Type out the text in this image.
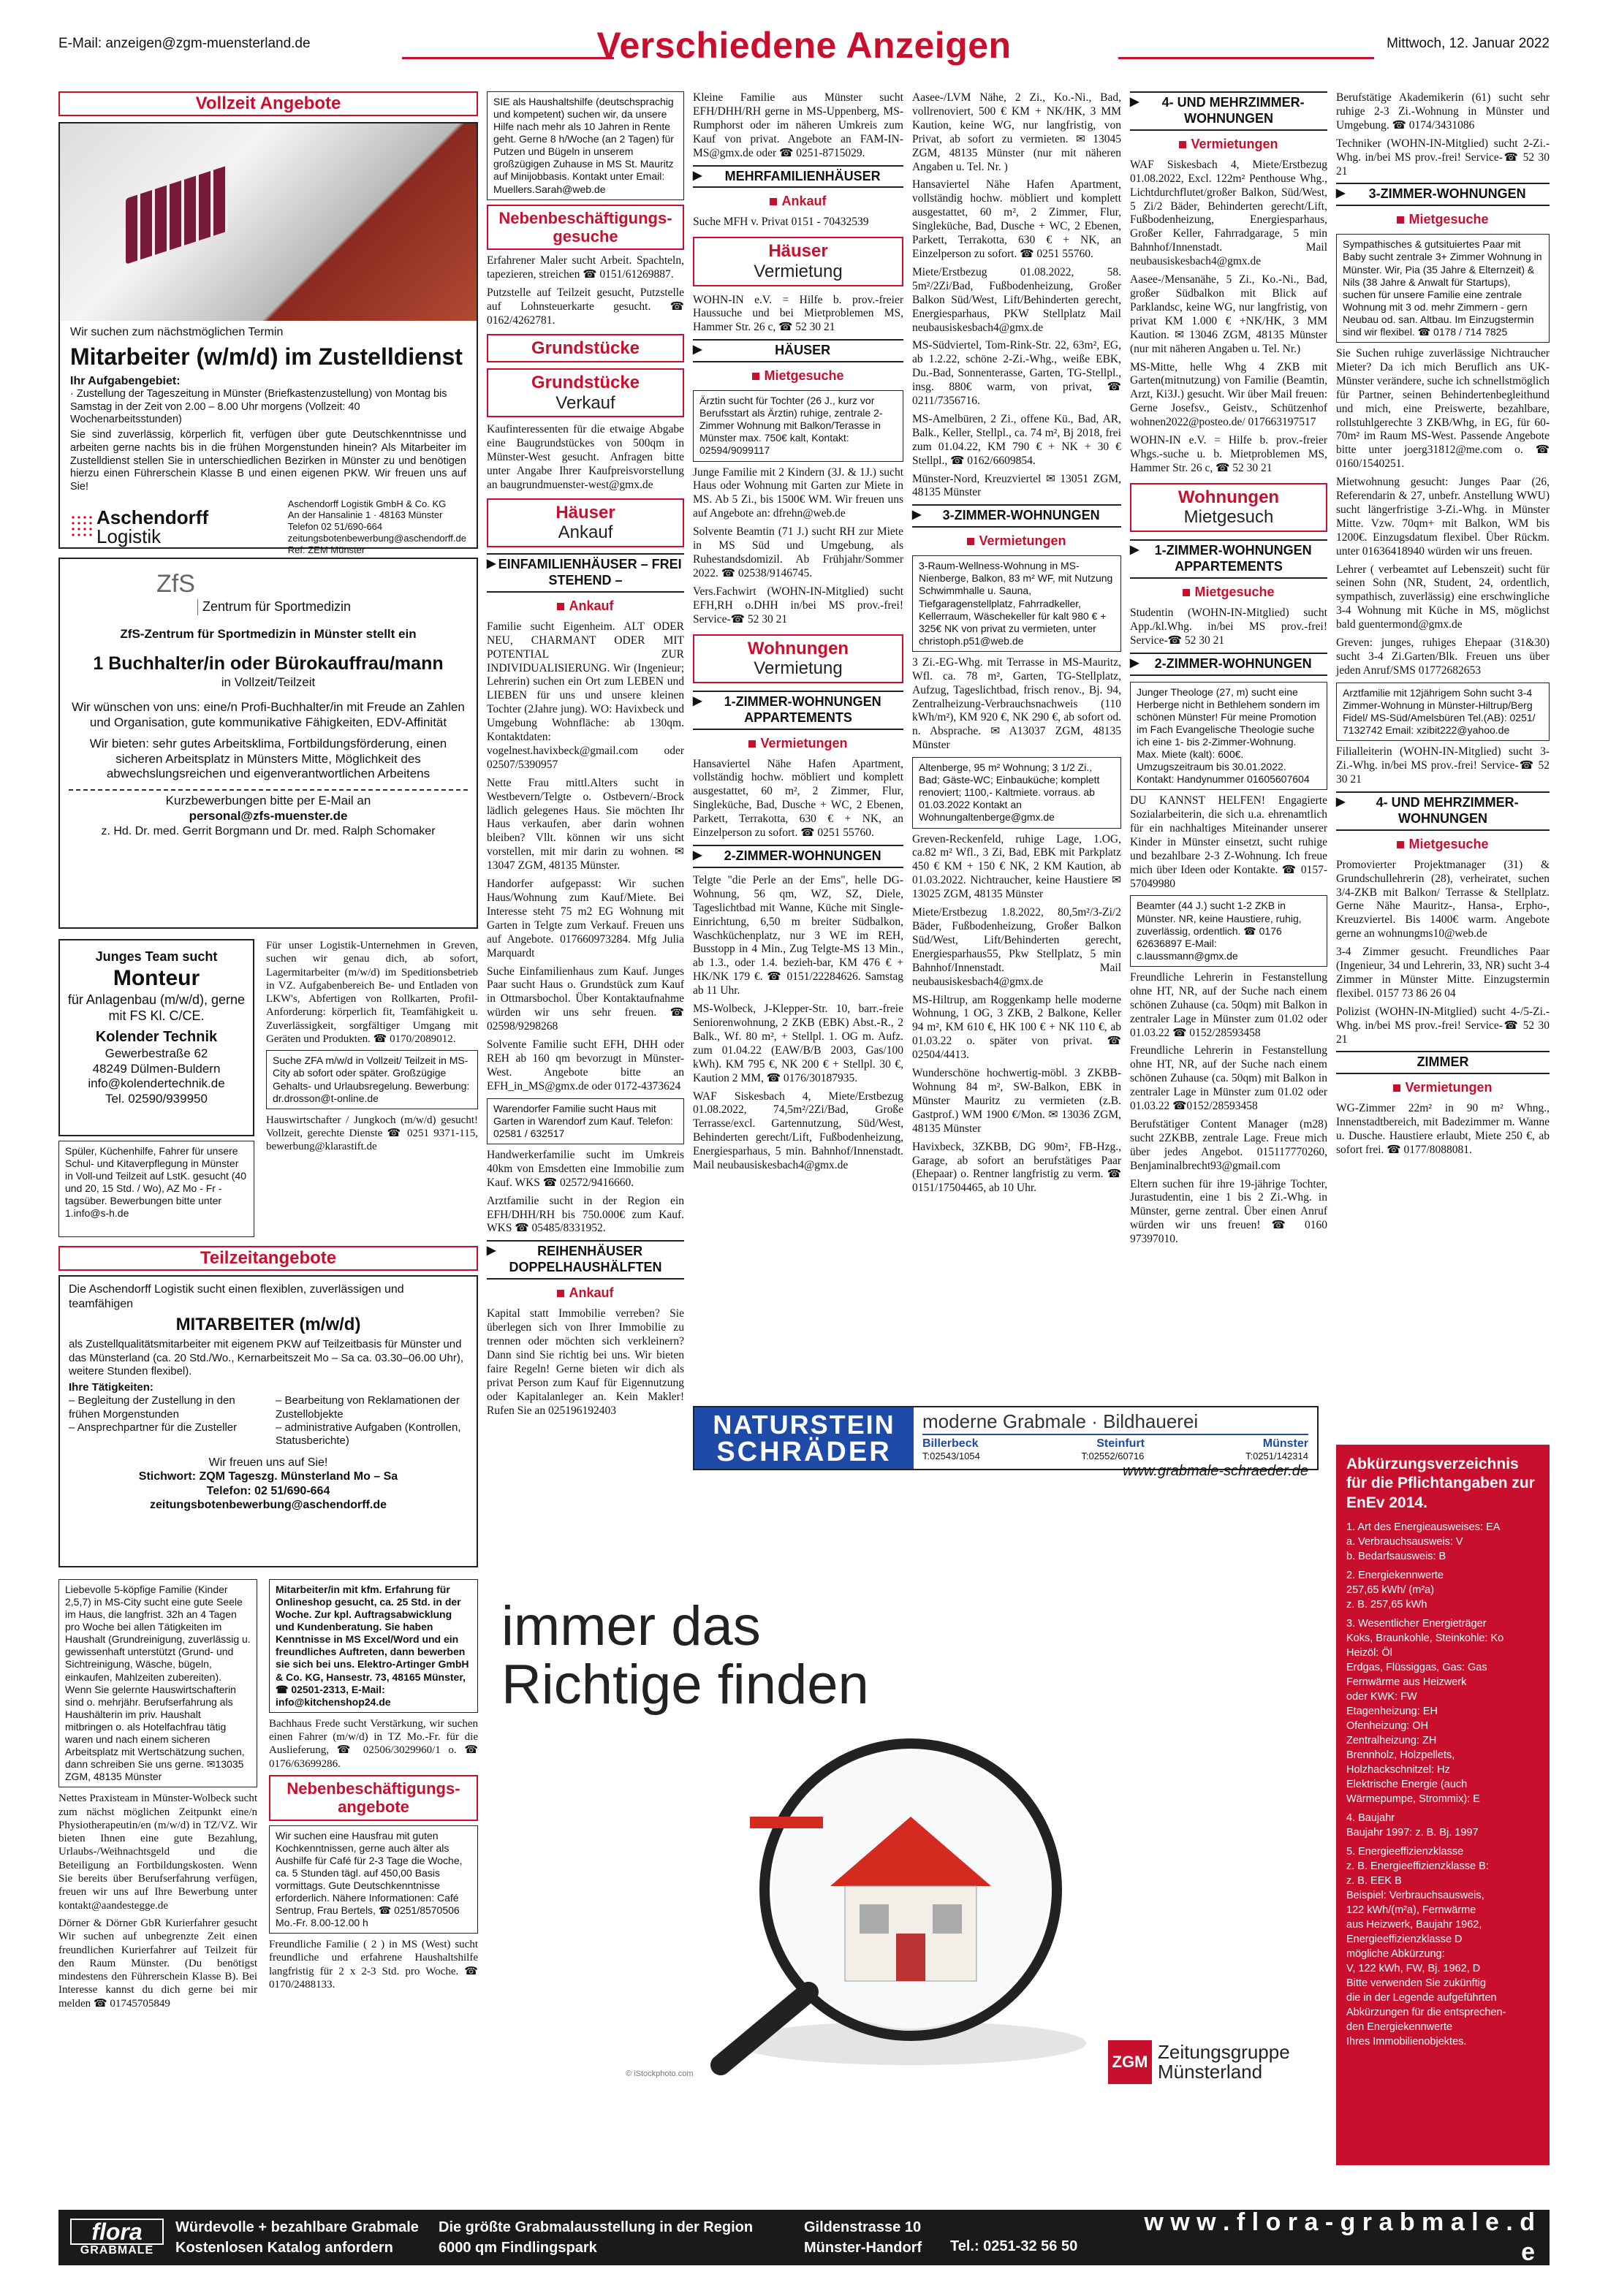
E-Mail: anzeigen@zgm-muensterland.de	Verschiedene Anzeigen	Mittwoch, 12. Januar 2022
Vollzeit Angebote
Wir suchen zum nächstmöglichen Termin
Mitarbeiter (w/m/d) im Zustelldienst
Ihr Aufgabengebiet:
· Zustellung der Tageszeitung in Münster (Briefkastenzustellung) von Montag bis Samstag in der Zeit von 2.00 – 8.00 Uhr morgens (Vollzeit: 40 Wochenarbeitsstunden)
Sie sind zuverlässig, körperlich fit, verfügen über gute Deutschkenntnisse und arbeiten gerne nachts bis in die frühen Morgenstunden hinein? Als Mitarbeiter im Zustelldienst stellen Sie in unterschiedlichen Bezirken in Münster zu und benötigen hierzu einen Führerschein Klasse B und einen eigenen PKW. Wir freuen uns auf Sie!
Aschendorff
Logistik
Aschendorff Logistik GmbH & Co. KG
An der Hansalinie 1 · 48163 Münster
Telefon 02 51/690-664
zeitungsbotenbewerbung@aschendorff.de
Ref: ZEM Münster
ZfS
Zentrum für Sportmedizin
ZfS-Zentrum für Sportmedizin in Münster stellt ein
1 Buchhalter/in oder Bürokauffrau/mann
in Vollzeit/Teilzeit
Wir wünschen von uns: eine/n Profi-Buchhalter/in mit Freude an Zahlen und Organisation, gute kommunikative Fähigkeiten, EDV-Affinität
Wir bieten: sehr gutes Arbeitsklima, Fortbildungsförderung, einen sicheren Arbeitsplatz in Münsters Mitte, Möglichkeit des abwechslungsreichen und eigenverantwortlichen Arbeitens
Kurzbewerbungen bitte per E-Mail an
personal@zfs-muenster.de
z. Hd. Dr. med. Gerrit Borgmann und Dr. med. Ralph Schomaker
Junges Team sucht
Monteur
für Anlagenbau (m/w/d), gerne mit FS Kl. C/CE.
Kolender Technik
Gewerbestraße 62
48249 Dülmen-Buldern
info@kolendertechnik.de
Tel. 02590/939950
Spüler, Küchenhilfe, Fahrer für unsere Schul- und Kitaverpflegung in Münster in Voll-und Teilzeit auf LstK. gesucht (40 und 20, 15 Std. / Wo), AZ Mo - Fr - tagsüber. Bewerbungen bitte unter 1.info@s-h.de
Für unser Logistik-Unternehmen in Greven, suchen wir genau dich, ab sofort, Lagermitarbeiter (m/w/d) im Speditionsbetrieb in VZ. Aufgabenbereich Be- und Entladen von LKW's, Abfertigen von Rollkarten, Profil-Anforderung: körperlich fit, Teamfähigkeit u. Zuverlässigkeit, sorgfältiger Umgang mit Geräten und Produkten. ☎ 0170/2089012.
Suche ZFA m/w/d in Vollzeit/ Teilzeit in MS-City ab sofort oder später. Großzügige Gehalts- und Urlaubsregelung. Bewerbung: dr.drosson@t-online.de
Hauswirtschafter / Jungkoch (m/w/d) gesucht! Vollzeit, gerechte Dienste ☎ 0251 9371-115, bewerbung@klarastift.de
Teilzeitangebote
Die Aschendorff Logistik sucht einen flexiblen, zuverlässigen und teamfähigen
MITARBEITER (m/w/d)
als Zustellqualitätsmitarbeiter mit eigenem PKW auf Teilzeitbasis für Münster und das Münsterland (ca. 20 Std./Wo., Kernarbeitszeit Mo – Sa ca. 03.30–06.00 Uhr), weitere Stunden flexibel).
Ihre Tätigkeiten:
– Begleitung der Zustellung in den frühen Morgenstunden
– Ansprechpartner für die Zusteller
– Bearbeitung von Reklamationen der Zustellobjekte
– administrative Aufgaben (Kontrollen, Statusberichte)
Wir freuen uns auf Sie!
Stichwort: ZQM Tageszg. Münsterland Mo – Sa
Telefon: 02 51/690-664
zeitungsbotenbewerbung@aschendorff.de
Liebevolle 5-köpfige Familie (Kinder 2,5,7) in MS-City sucht eine gute Seele im Haus, die langfrist. 32h an 4 Tagen pro Woche bei allen Tätigkeiten im Haushalt (Grundreinigung, zuverlässig u. gewissenhaft unterstützt (Grund- und Sichtreinigung, Wäsche, bügeln, einkaufen, Mahlzeiten zubereiten). Wenn Sie gelernte Hauswirtschafterin sind o. mehrjähr. Berufserfahrung als Haushälterin im priv. Haushalt mitbringen o. als Hotelfachfrau tätig waren und nach einem sicheren Arbeitsplatz mit Wertschätzung suchen, dann schreiben Sie uns gerne. ✉13035 ZGM, 48135 Münster
Nettes Praxisteam in Münster-Wolbeck sucht zum nächst möglichen Zeitpunkt eine/n Physiotherapeutin/en (m/w/d) in TZ/VZ. Wir bieten Ihnen eine gute Bezahlung, Urlaubs-/Weihnachtsgeld und die Beteiligung an Fortbildungskosten. Wenn Sie bereits über Berufserfahrung verfügen, freuen wir uns auf Ihre Bewerbung unter kontakt@aandestegge.de
Dörner & Dörner GbR Kurierfahrer gesucht Wir suchen auf unbegrenzte Zeit einen freundlichen Kurierfahrer auf Teilzeit für den Raum Münster. (Du benötigst mindestens den Führerschein Klasse B). Bei Interesse kannst du dich gerne bei mir melden ☎ 01745705849
Mitarbeiter/in mit kfm. Erfahrung für Onlineshop gesucht, ca. 25 Std. in der Woche. Zur kpl. Auftragsabwicklung und Kundenberatung. Sie haben Kenntnisse in MS Excel/Word und ein freundliches Auftreten, dann bewerben sie sich bei uns. Elektro-Artinger GmbH & Co. KG, Hansestr. 73, 48165 Münster, ☎ 02501-2313, E-Mail: info@kitchenshop24.de
Bachhaus Frede sucht Verstärkung, wir suchen einen Fahrer (m/w/d) in TZ Mo.-Fr. für die Auslieferung, ☎ 02506/3029960/1 o. ☎ 0176/63699286.
Nebenbeschäftigungs-
angebote
Wir suchen eine Hausfrau mit guten Kochkenntnissen, gerne auch älter als Aushilfe für Café für 2-3 Tage die Woche, ca. 5 Stunden tägl. auf 450,00 Basis vormittags. Gute Deutschkenntnisse erforderlich. Nähere Informationen: Café Sentrup, Frau Bertels, ☎ 0251/8570506 Mo.-Fr. 8.00-12.00 h
Freundliche Familie ( 2 ) in MS (West) sucht freundliche und erfahrene Haushaltshilfe langfristig für 2 x 2-3 Std. pro Woche. ☎ 0170/2488133.
SIE als Haushaltshilfe (deutschsprachig und kompetent) suchen wir, da unsere Hilfe nach mehr als 10 Jahren in Rente geht. Gerne 8 h/Woche (an 2 Tagen) für Putzen und Bügeln in unserem großzügigen Zuhause in MS St. Mauritz auf Minijobbasis. Kontakt unter Email: Muellers.Sarah@web.de
Nebenbeschäftigungs-
gesuche
Erfahrener Maler sucht Arbeit. Spachteln, tapezieren, streichen ☎ 0151/61269887.
Putzstelle auf Teilzeit gesucht, Putzstelle auf Lohnsteuerkarte gesucht. ☎ 0162/4262781.
Grundstücke
Grundstücke
Verkauf
Kaufinteressenten für die etwaige Abgabe eine Baugrundstückes von 500qm in Münster-West gesucht. Anfragen bitte unter Angabe Ihrer Kaufpreisvorstellung an baugrundmuenster-west@gmx.de
Häuser
Ankauf
▶ EINFAMILIENHÄUSER – FREI STEHEND –
Ankauf
Familie sucht Eigenheim. ALT ODER NEU, CHARMANT ODER MIT POTENTIAL ZUR INDIVIDUALISIERUNG. Wir (Ingenieur; Lehrerin) suchen ein Ort zum LEBEN und LIEBEN für uns und unsere kleinen Tochter (2Jahre jung). WO: Havixbeck und Umgebung Wohnfläche: ab 130qm. Kontaktdaten: vogelnest.havixbeck@gmail.com oder 02507/5390957
Nette Frau mittl.Alters sucht in Westbevern/Telgte o. Ostbevern/-Brock lädlich gelegenes Haus. Sie möchten Ihr Haus verkaufen, aber darin wohnen bleiben? Vllt. können wir uns sicht vorstellen, mit mir darin zu wohnen. ✉ 13047 ZGM, 48135 Münster.
Handorfer aufgepasst: Wir suchen Haus/Wohnung zum Kauf/Miete. Bei Interesse steht 75 m2 EG Wohnung mit Garten in Telgte zum Verkauf. Freuen uns auf Angebote. 017660973284. Mfg Julia Marquardt
Suche Einfamilienhaus zum Kauf. Junges Paar sucht Haus o. Grundstück zum Kauf in Ottmarsbochol. Über Kontaktaufnahme würden wir uns sehr freuen. ☎ 02598/9298268
Solvente Familie sucht EFH, DHH oder REH ab 160 qm bevorzugt in Münster-West. Angebote bitte an EFH_in_MS@gmx.de oder 0172-4373624
Warendorfer Familie sucht Haus mit Garten in Warendorf zum Kauf. Telefon: 02581 / 632517
Handwerkerfamilie sucht im Umkreis 40km von Emsdetten eine Immobilie zum Kauf. WKS ☎ 02572/9416660.
Arztfamilie sucht in der Region ein EFH/DHH/RH bis 750.000€ zum Kauf. WKS ☎ 05485/8331952.
▶	REIHENHÄUSER DOPPELHAUSHÄLFTEN
Ankauf
Kapital statt Immobilie verreben? Sie überlegen sich von Ihrer Immobilie zu trennen oder möchten sich verkleinern? Dann sind Sie richtig bei uns. Wir bieten faire Regeln! Gerne bieten wir dich als privat Person zum Kauf für Eigennutzung oder Kapitalanleger an. Kein Makler! Rufen Sie an 025196192403
Kleine Familie aus Münster sucht EFH/DHH/RH gerne in MS-Uppenberg, MS-Rumphorst oder im näheren Umkreis zum Kauf von privat. Angebote an FAM-IN-MS@gmx.de oder ☎ 0251-8715029.
▶ MEHRFAMILIENHÄUSER
Ankauf
Suche MFH v. Privat 0151 - 70432539
Häuser
Vermietung
WOHN-IN e.V. = Hilfe b. prov.-freier Haussuche und bei Mietproblemen MS, Hammer Str. 26 c, ☎ 52 30 21
▶	HÄUSER
Mietgesuche
Ärztin sucht für Tochter (26 J., kurz vor Berufsstart als Ärztin) ruhige, zentrale 2-Zimmer Wohnung mit Balkon/Terasse in Münster max. 750€ kalt, Kontakt: 02594/9099117
Junge Familie mit 2 Kindern (3J. & 1J.) sucht Haus oder Wohnung mit Garten zur Miete in MS. Ab 5 Zi., bis 1500€ WM. Wir freuen uns auf Angebote an: dfrehn@web.de
Solvente Beamtin (71 J.) sucht RH zur Miete in MS Süd und Umgebung, als Ruhestandsdomizil. Ab Frühjahr/Sommer 2022. ☎ 02538/9146745.
Vers.Fachwirt (WOHN-IN-Mitglied) sucht EFH,RH o.DHH in/bei MS prov.-frei! Service-☎ 52 30 21
Wohnungen
Vermietung
▶ 1-ZIMMER-WOHNUNGEN APPARTEMENTS
Vermietungen
Hansaviertel Nähe Hafen Apartment, vollständig hochw. möbliert und komplett ausgestattet, 60 m², 2 Zimmer, Flur, Singleküche, Bad, Dusche + WC, 2 Ebenen, Parkett, Terrakotta, 630 € + NK, an Einzelperson zu sofort. ☎ 0251 55760.
▶ 2-ZIMMER-WOHNUNGEN
Telgte "die Perle an der Ems", helle DG-Wohnung, 56 qm, WZ, SZ, Diele, Tageslichtbad mit Wanne, Küche mit Single-Einrichtung, 6,50 m breiter Südbalkon, Waschküchenplatz, nur 3 WE im REH, Busstopp in 4 Min., Zug Telgte-MS 13 Min., ab 1.3., oder 1.4. bezieh-bar, KM 476 € + HK/NK 179 €. ☎ 0151/22284626. Samstag ab 11 Uhr.
MS-Wolbeck, J-Klepper-Str. 10, barr.-freie Seniorenwohnung, 2 ZKB (EBK) Abst.-R., 2 Balk., Wf. 80 m², + Stellpl. 1. OG m. Aufz. zum 01.04.22 (EAW/B/B 2003, Gas/100 kWh). KM 795 €, NK 200 € + Stellpl. 30 €, Kaution 2 MM, ☎ 0176/30187935.
WAF Siskesbach 4, Miete/Erstbezug 01.08.2022, 74,5m²/2Zi/Bad, Große Terrasse/excl. Gartennutzung, Süd/West, Behinderten gerecht/Lift, Fußbodenheizung, Energiesparhaus, 5 min. Bahnhof/Innenstadt. Mail neubausiskesbach4@gmx.de
Aasee-/LVM Nähe, 2 Zi., Ko.-Ni., Bad, vollrenoviert, 500 € KM + NK/HK, 3 MM Kaution, keine WG, nur langfristig, von Privat, ab sofort zu vermieten. ✉ 13045 ZGM, 48135 Münster (nur mit näheren Angaben u. Tel. Nr. )
Hansaviertel Nähe Hafen Apartment, vollständig hochw. möbliert und komplett ausgestattet, 60 m², 2 Zimmer, Flur, Singleküche, Bad, Dusche + WC, 2 Ebenen, Parkett, Terrakotta, 630 € + NK, an Einzelperson zu sofort. ☎ 0251 55760.
Miete/Erstbezug 01.08.2022, 58. 5m²/2Zi/Bad, Fußbodenheizung, Großer Balkon Süd/West, Lift/Behinderten gerecht, Energiesparhaus, PKW Stellplatz Mail neubausiskesbach4@gmx.de
MS-Südviertel, Tom-Rink-Str. 22, 63m², EG, ab 1.2.22, schöne 2-Zi.-Whg., weiße EBK, Du.-Bad, Sonnenterasse, Garten, TG-Stellpl., insg. 880€ warm, von privat, ☎ 0211/7356716.
MS-Amelbüren, 2 Zi., offene Kü., Bad, AR, Balk., Keller, Stellpl., ca. 74 m², Bj 2018, frei zum 01.04.22, KM 790 € + NK + 30 € Stellpl., ☎ 0162/6609854.
Münster-Nord, Kreuzviertel ✉ 13051 ZGM, 48135 Münster
▶ 3-ZIMMER-WOHNUNGEN
Vermietungen
3-Raum-Wellness-Wohnung in MS-Nienberge, Balkon, 83 m² WF, mit Nutzung Schwimmhalle u. Sauna, Tiefgaragenstellplatz, Fahrradkeller, Kellerraum, Wäschekeller für kalt 980 € + 325€ NK von privat zu vermieten, unter christoph.p51@web.de
3 Zi.-EG-Whg. mit Terrasse in MS-Mauritz, Wfl. ca. 78 m², Garten, TG-Stellplatz, Aufzug, Tageslichtbad, frisch renov., Bj. 94, Zentralheizung-Verbrauchsnachweis (110 kWh/m²), KM 920 €, NK 290 €, ab sofort od. n. Absprache. ✉ A13037 ZGM, 48135 Münster
Altenberge, 95 m² Wohnung; 3 1/2 Zi., Bad; Gäste-WC; Einbauküche; komplett renoviert; 1100,- Kaltmiete. vorraus. ab 01.03.2022 Kontakt an Wohnungaltenberge@gmx.de
Greven-Reckenfeld, ruhige Lage, 1.OG, ca.82 m² Wfl., 3 Zi, Bad, EBK mit Parkplatz 450 € KM + 150 € NK, 2 KM Kaution, ab 01.03.2022. Nichtraucher, keine Haustiere ✉ 13025 ZGM, 48135 Münster
Miete/Erstbezug 1.8.2022, 80,5m²/3-Zi/2 Bäder, Fußbodenheizung, Großer Balkon Süd/West, Lift/Behinderten gerecht, Energiesparhaus55, Pkw Stellplatz, 5 min Bahnhof/Innenstadt. Mail neubausiskesbach4@gmx.de
MS-Hiltrup, am Roggenkamp helle moderne Wohnung, 1 OG, 3 ZKB, 2 Balkone, Keller 94 m², KM 610 €, HK 100 € + NK 110 €, ab 01.03.22 o. später von privat. ☎ 02504/4413.
Wunderschöne hochwertig-möbl. 3 ZKBB-Wohnung 84 m², SW-Balkon, EBK in Münster Mauritz zu vermieten (z.B. Gastprof.) WM 1900 €/Mon. ✉ 13036 ZGM, 48135 Münster
Havixbeck, 3ZKBB, DG 90m², FB-Hzg., Garage, ab sofort an berufstätiges Paar (Ehepaar) o. Rentner langfristig zu verm. ☎ 0151/17504465, ab 10 Uhr.
▶ 4- UND MEHRZIMMER-WOHNUNGEN
Vermietungen
WAF Siskesbach 4, Miete/Erstbezug 01.08.2022, Excl. 122m² Penthouse Whg., Lichtdurchflutet/großer Balkon, Süd/West, 5 Zi/2 Bäder, Behinderten gerecht/Lift, Fußbodenheizung, Energiesparhaus, Großer Keller, Fahrradgarage, 5 min Bahnhof/Innenstadt. Mail neubausiskesbach4@gmx.de
Aasee-/Mensanähe, 5 Zi., Ko.-Ni., Bad, großer Südbalkon mit Blick auf Parklandsc, keine WG, nur langfristig, von privat KM 1.000 € +NK/HK, 3 MM Kaution. ✉ 13046 ZGM, 48135 Münster (nur mit näheren Angaben u. Tel. Nr.)
MS-Mitte, helle Whg 4 ZKB mit Garten(mitnutzung) von Familie (Beamtin, Arzt, Ki3J.) gesucht. Wir über Mail freuen: Gerne Josefsv., Geistv., Schützenhof wohnen2022@posteo.de/ 017663197517
WOHN-IN e.V. = Hilfe b. prov.-freier Whgs.-suche u. b. Mietproblemen MS, Hammer Str. 26 c, ☎ 52 30 21
Wohnungen
Mietgesuch
▶ 1-ZIMMER-WOHNUNGEN APPARTEMENTS
Mietgesuche
Studentin (WOHN-IN-Mitglied) sucht App./kl.Whg. in/bei MS prov.-frei! Service-☎ 52 30 21
▶ 2-ZIMMER-WOHNUNGEN
Junger Theologe (27, m) sucht eine Herberge nicht in Bethlehem sondern im schönen Münster! Für meine Promotion im Fach Evangelische Theologie suche ich eine 1- bis 2-Zimmer-Wohnung. Max. Miete (kalt): 600€. Umzugszeitraum bis 30.01.2022. Kontakt: Handynummer 01605607604
DU KANNST HELFEN! Engagierte Sozialarbeiterin, die sich u.a. ehrenamtlich für ein nachhaltiges Miteinander unserer Kinder in Münster einsetzt, sucht ruhige und bezahlbare 2-3 Z-Wohnung. Ich freue mich über Ideen oder Kontakte. ☎ 0157-57049980
Beamter (44 J.) sucht 1-2 ZKB in Münster. NR, keine Haustiere, ruhig, zuverlässig, ordentlich. ☎ 0176 62636897 E-Mail: c.laussmann@gmx.de
Freundliche Lehrerin in Festanstellung ohne HT, NR, auf der Suche nach einem schönen Zuhause (ca. 50qm) mit Balkon in zentraler Lage in Münster zum 01.02 oder 01.03.22 ☎ 0152/28593458
Freundliche Lehrerin in Festanstellung ohne HT, NR, auf der Suche nach einem schönen Zuhause (ca. 50qm) mit Balkon in zentraler Lage in Münster zum 01.02 oder 01.03.22 ☎0152/28593458
Berufstätiger Content Manager (m28) sucht 2ZKBB, zentrale Lage. Freue mich über jedes Angebot. 015117770260, Benjaminalbrecht93@gmail.com
Eltern suchen für ihre 19-jährige Tochter, Jurastudentin, eine 1 bis 2 Zi.-Whg. in Münster, gerne zentral. Über einen Anruf würden wir uns freuen! ☎ 0160 97397010.
Berufstätige Akademikerin (61) sucht sehr ruhige 2-3 Zi.-Wohnung in Münster und Umgebung. ☎ 0174/3431086
Techniker (WOHN-IN-Mitglied) sucht 2-Zi.-Whg. in/bei MS prov.-frei! Service-☎ 52 30 21
▶ 3-ZIMMER-WOHNUNGEN
Mietgesuche
Sympathisches & gutsituiertes Paar mit Baby sucht zentrale 3+ Zimmer Wohnung in Münster. Wir, Pia (35 Jahre & Elternzeit) & Nils (38 Jahre & Anwalt für Startups), suchen für unsere Familie eine zentrale Wohnung mit 3 od. mehr Zimmern - gern Neubau od. san. Altbau. Im Einzugstermin sind wir flexibel. ☎ 0178 / 714 7825
Sie Suchen ruhige zuverlässige Nichtraucher Mieter? Da ich mich Beruflich ans UK-Münster verändere, suche ich schnellstmöglich für Partner, seinen Behindertenbegleithund und mich, eine Preiswerte, bezahlbare, rollstuhlgerechte 3 ZKB/Whg, in EG, für 60-70m² im Raum MS-West. Passende Angebote bitte unter joerg31812@me.com o. ☎ 0160/1540251.
Mietwohnung gesucht: Junges Paar (26, Referendarin & 27, unbefr. Anstellung WWU) sucht längerfristige 3-Zi.-Whg. in Münster Mitte. Vzw. 70qm+ mit Balkon, WM bis 1200€. Einzugsdatum flexibel. Über Rückm. unter 01636418940 würden wir uns freuen.
Lehrer ( verbeamtet auf Lebenszeit) sucht für seinen Sohn (NR, Student, 24, ordentlich, sympathisch, zuverlässig) eine erschwingliche 3-4 Wohnung mit Küche in MS, möglichst bald guentermond@gmx.de
Greven: junges, ruhiges Ehepaar (31&30) sucht 3-4 Zi.Garten/Blk. Freuen uns über jeden Anruf/SMS 01772682653
Arztfamilie mit 12jährigem Sohn sucht 3-4 Zimmer-Wohnung in Münster-Hiltrup/Berg Fidel/ MS-Süd/Amelsbüren Tel.(AB): 0251/ 7132742 Email: xzibit222@yahoo.de
Filialleiterin (WOHN-IN-Mitglied) sucht 3-Zi.-Whg. in/bei MS prov.-frei! Service-☎ 52 30 21
▶ 4- UND MEHRZIMMER-WOHNUNGEN
Mietgesuche
Promovierter Projektmanager (31) & Grundschullehrerin (28), verheiratet, suchen 3/4-ZKB mit Balkon/ Terrasse & Stellplatz. Gerne Nähe Mauritz-, Hansa-, Erpho-, Kreuzviertel. Bis 1400€ warm. Angebote gerne an wohnungms10@web.de
3-4 Zimmer gesucht. Freundliches Paar (Ingenieur, 34 und Lehrerin, 33, NR) sucht 3-4 Zimmer in Münster Mitte. Einzugstermin flexibel. 0157 73 86 26 04
Polizist (WOHN-IN-Mitglied) sucht 4-/5-Zi.-Whg. in/bei MS prov.-frei! Service-☎ 52 30 21
ZIMMER
Vermietungen
WG-Zimmer 22m² in 90 m² Whng., Innenstadtbereich, mit Badezimmer m. Wanne u. Dusche. Haustiere erlaubt, Miete 250 €, ab sofort frei. ☎ 0177/8088081.
Abkürzungsverzeichnis für die Pflichtangaben zur EnEv 2014.
1. Art des Energieausweises: EA
a. Verbrauchsausweis: V
b. Bedarfsausweis: B
2. Energiekennwerte
257,65 kWh/ (m²a)
z. B. 257,65 kWh
3. Wesentlicher Energieträger
Koks, Braunkohle, Steinkohle: Ko
Heizöl: Öl
Erdgas, Flüssiggas, Gas: Gas
Fernwärme aus Heizwerk
oder KWK: FW
Etagenheizung: EH
Ofenheizung: OH
Zentralheizung: ZH
Brennholz, Holzpellets,
Holzhackschnitzel: Hz
Elektrische Energie (auch
Wärmepumpe, Strommix): E
4. Baujahr
Baujahr 1997: z. B. Bj. 1997
5. Energieeffizienzklasse
z. B. Energieeffizienzklasse B:
z. B. EEK B
Beispiel: Verbrauchsausweis,
122 kWh/(m²a), Fernwärme
aus Heizwerk, Baujahr 1962,
Energieeffizienzklasse D
mögliche Abkürzung:
V, 122 kWh, FW, Bj. 1962, D
Bitte verwenden Sie zukünftig
die in der Legende aufgeführten
Abkürzungen für die entsprechen-
den Energiekennwerte
Ihres Immobilienobjektes.
NATURSTEIN
SCHRÄDER
moderne Grabmale · Bildhauerei
Billerbeck	Steinfurt	Münster
T:02543/1054	T:02552/60716	T:0251/142314
www.grabmale-schraeder.de
immer das
Richtige finden
© iStockphoto.com
ZGM Zeitungsgruppe
Münsterland
flora
GRABMALE
Würdevolle + bezahlbare Grabmale
Kostenlosen Katalog anfordern
Die größte Grabmalausstellung in der Region
6000 qm Findlingspark
Gildenstrasse 10
Münster-Handorf	Tel.: 0251-32 56 50
w w w . f l o r a - g r a b m a l e . d e
